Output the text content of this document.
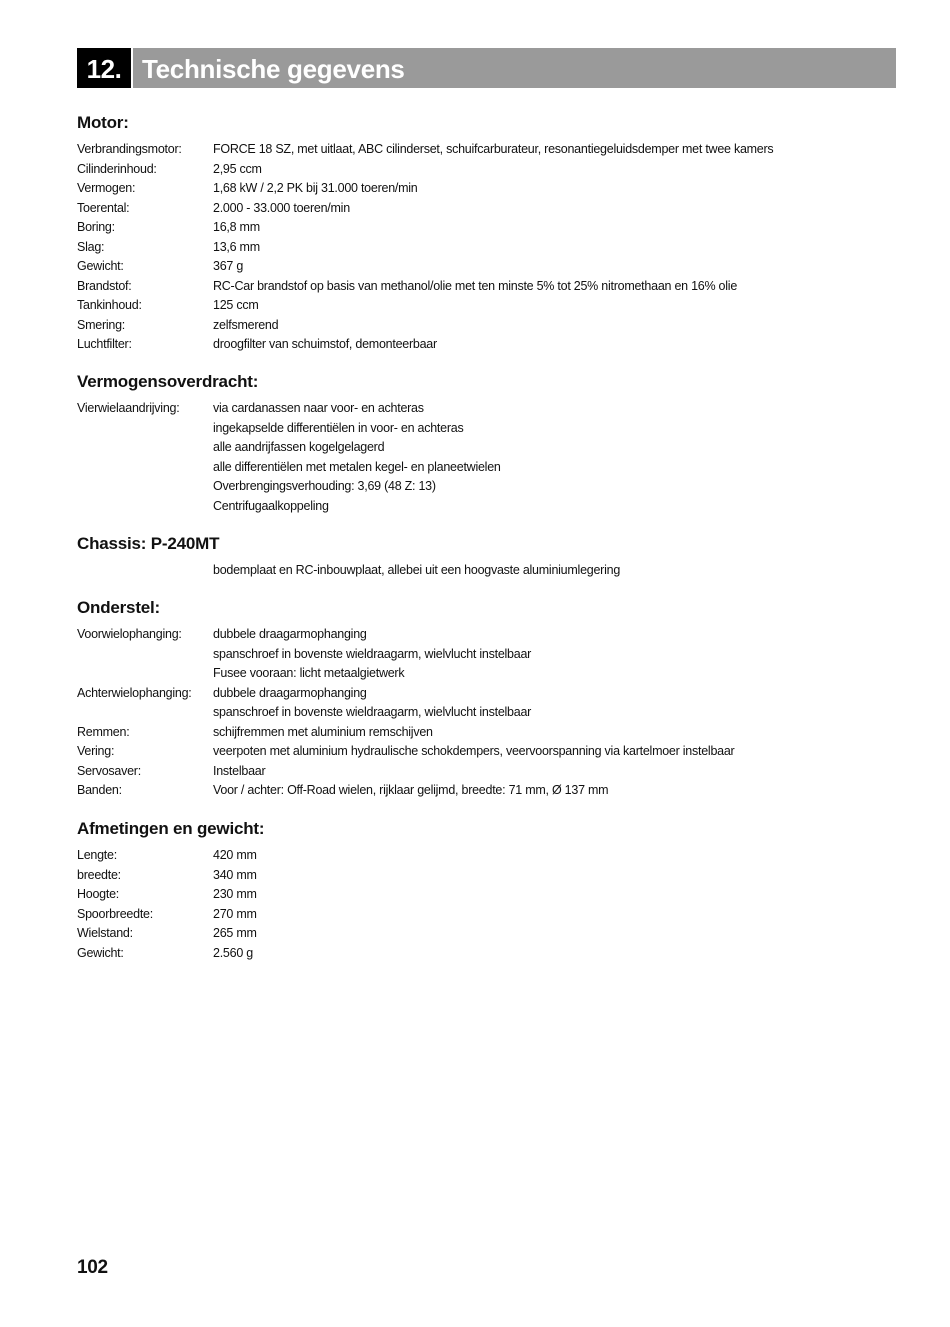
12. Technische gegevens
Motor:
Verbrandingsmotor:	FORCE 18 SZ, met uitlaat, ABC cilinderset, schuifcarburateur, resonantiegeluidsdemper met twee kamers
Cilinderinhoud:	2,95 ccm
Vermogen:	1,68 kW / 2,2 PK bij 31.000 toeren/min
Toerental:	2.000 - 33.000 toeren/min
Boring:	16,8 mm
Slag:	13,6 mm
Gewicht:	367 g
Brandstof:	RC-Car brandstof op basis van methanol/olie met ten minste 5% tot 25% nitromethaan en 16% olie
Tankinhoud:	125 ccm
Smering:	zelfsmerend
Luchtfilter:	droogfilter van schuimstof, demonteerbaar
Vermogensoverdracht:
Vierwielaandrijving:	via cardanassen naar voor- en achteras
ingekapselde differentiëlen in voor- en achteras
alle aandrijfassen kogelgelagerd
alle differentiëlen met metalen kegel- en planeetwielen
Overbrengingsverhouding: 3,69 (48 Z: 13)
Centrifugaalkoppeling
Chassis: P-240MT
bodemplaat en RC-inbouwplaat, allebei uit een hoogvaste aluminiumlegering
Onderstel:
Voorwielophanging:	dubbele draagarmophanging
spanschroef in bovenste wieldraagarm, wielvlucht instelbaar
Fusee vooraan: licht metaalgietwerk
Achterwielophanging: dubbele draagarmophanging
spanschroef in bovenste wieldraagarm, wielvlucht instelbaar
Remmen:	schijfremmen met aluminium remschijven
Vering:	veerpoten met aluminium hydraulische schokdempers, veervoorspanning via kartelmoer instelbaar
Servosaver:	Instelbaar
Banden:	Voor / achter: Off-Road wielen, rijklaar gelijmd, breedte: 71 mm, Ø 137 mm
Afmetingen en gewicht:
Lengte:	420 mm
breedte:	340 mm
Hoogte:	230 mm
Spoorbreedte:	270 mm
Wielstand:	265 mm
Gewicht:	2.560 g
102
